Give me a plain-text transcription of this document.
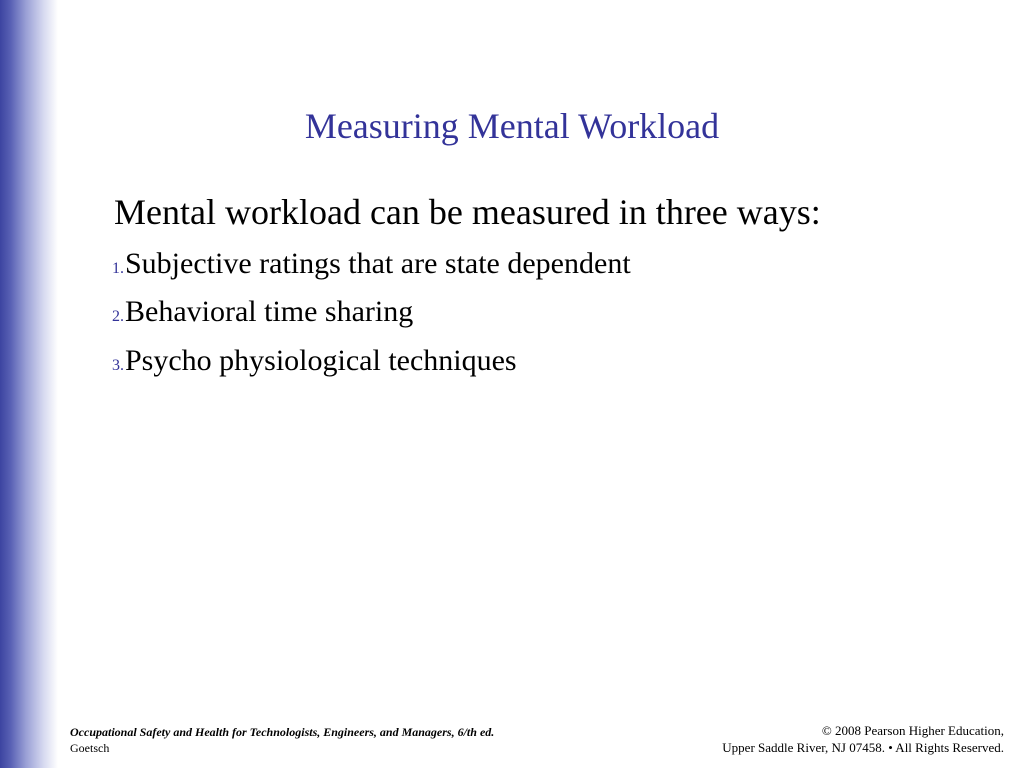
Measuring Mental Workload
Mental workload can be measured in three ways:
1.Subjective ratings that are state dependent
2.Behavioral time sharing
3.Psycho physiological techniques
Occupational Safety and Health for Technologists, Engineers, and Managers, 6/th ed.
Goetsch
© 2008 Pearson Higher Education,
Upper Saddle River, NJ 07458. • All Rights Reserved.
